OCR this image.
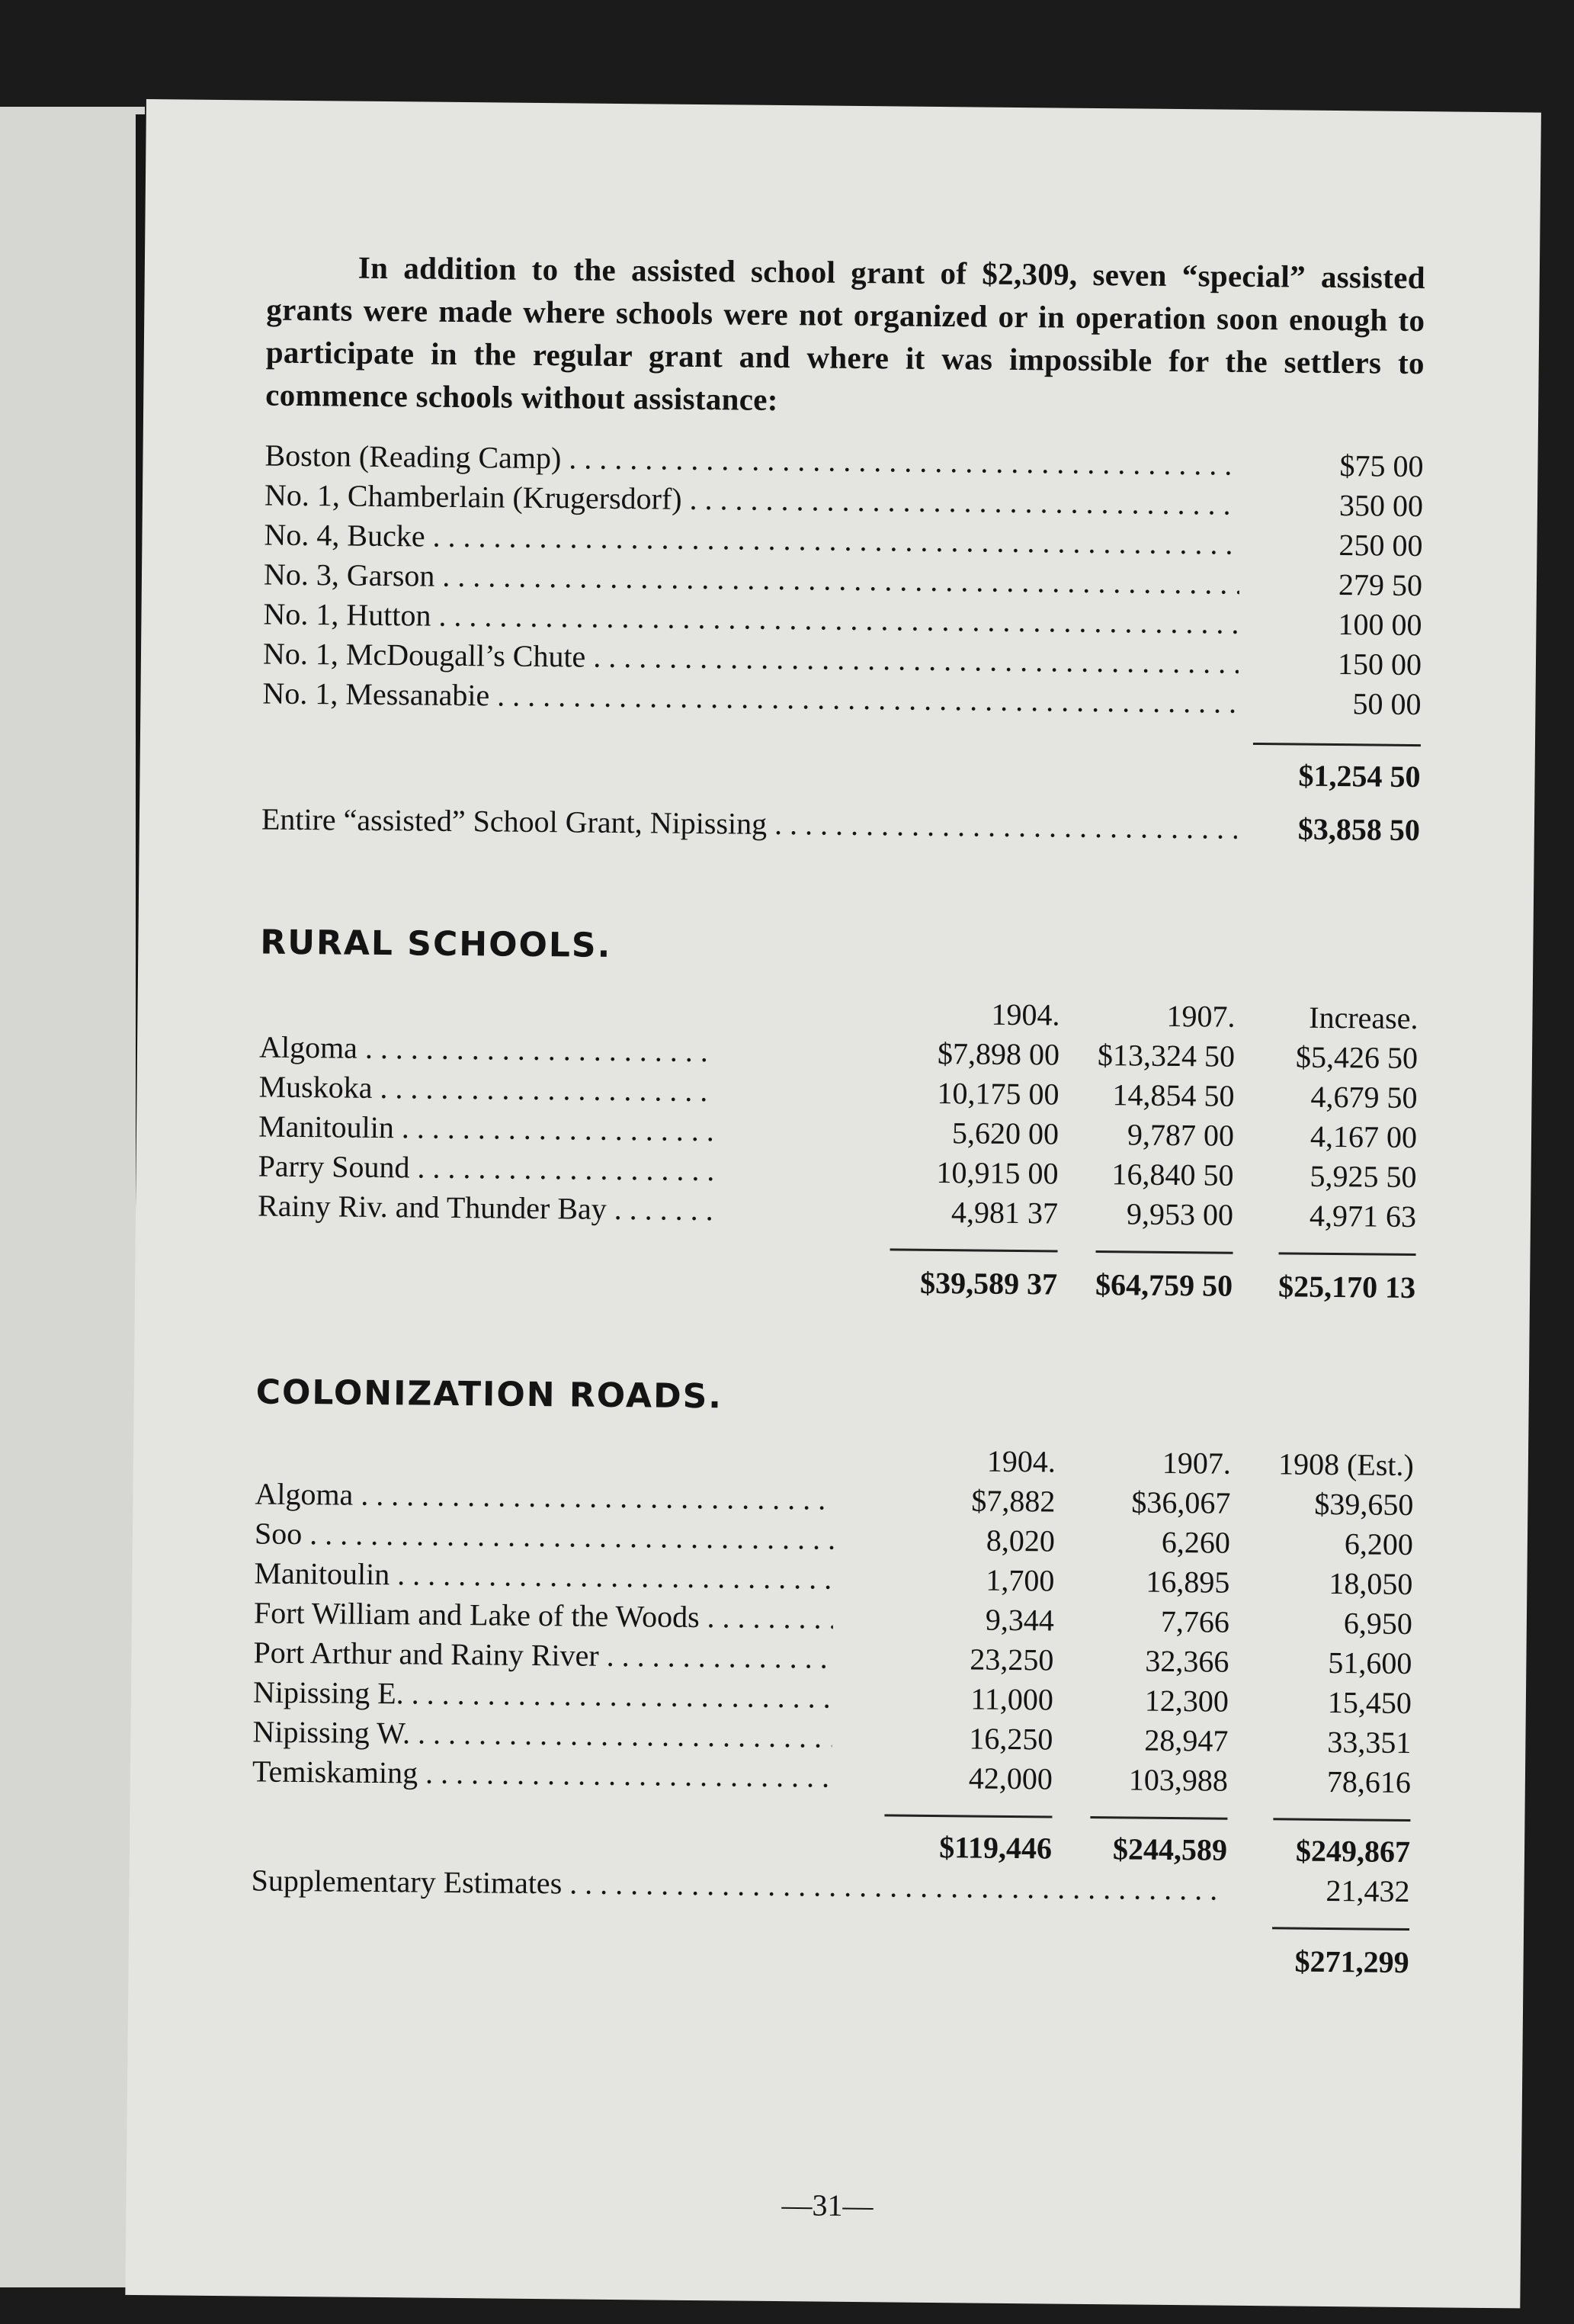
In addition to the assisted school grant of $2,309, seven “special” assisted grants were made where schools were not organized or in operation soon enough to participate in the regular grant and where it was impossible for the settlers to commence schools without assistance:

Boston (Reading Camp) . . .	$75 00
No. 1, Chamberlain (Krugersdorf) . . .	350 00
No. 4, Bucke . . .	250 00
No. 3, Garson . . .	279 50
No. 1, Hutton . . .	100 00
No. 1, McDougall’s Chute . . .	150 00
No. 1, Messanabie . . .	50 00
$1,254 50
Entire “assisted” School Grant, Nipissing . . .	$3,858 50
RURAL SCHOOLS.
1904.	1907.	Increase.
Algoma . . .	$7,898 00	$13,324 50	$5,426 50
Muskoka . . .	10,175 00	14,854 50	4,679 50
Manitoulin . . .	5,620 00	9,787 00	4,167 00
Parry Sound . . .	10,915 00	16,840 50	5,925 50
Rainy Riv. and Thunder Bay . . .	4,981 37	9,953 00	4,971 63
$39,589 37	$64,759 50	$25,170 13
COLONIZATION ROADS.
1904.	1907.	1908 (Est.)
Algoma . . .	$7,882	$36,067	$39,650
Soo . . .	8,020	6,260	6,200
Manitoulin . . .	1,700	16,895	18,050
Fort William and Lake of the Woods . . .	9,344	7,766	6,950
Port Arthur and Rainy River . . .	23,250	32,366	51,600
Nipissing E. . . .	11,000	12,300	15,450
Nipissing W. . . .	16,250	28,947	33,351
Temiskaming . . .	42,000	103,988	78,616
$119,446	$244,589	$249,867
Supplementary Estimates . . .	21,432
$271,299
—31—
